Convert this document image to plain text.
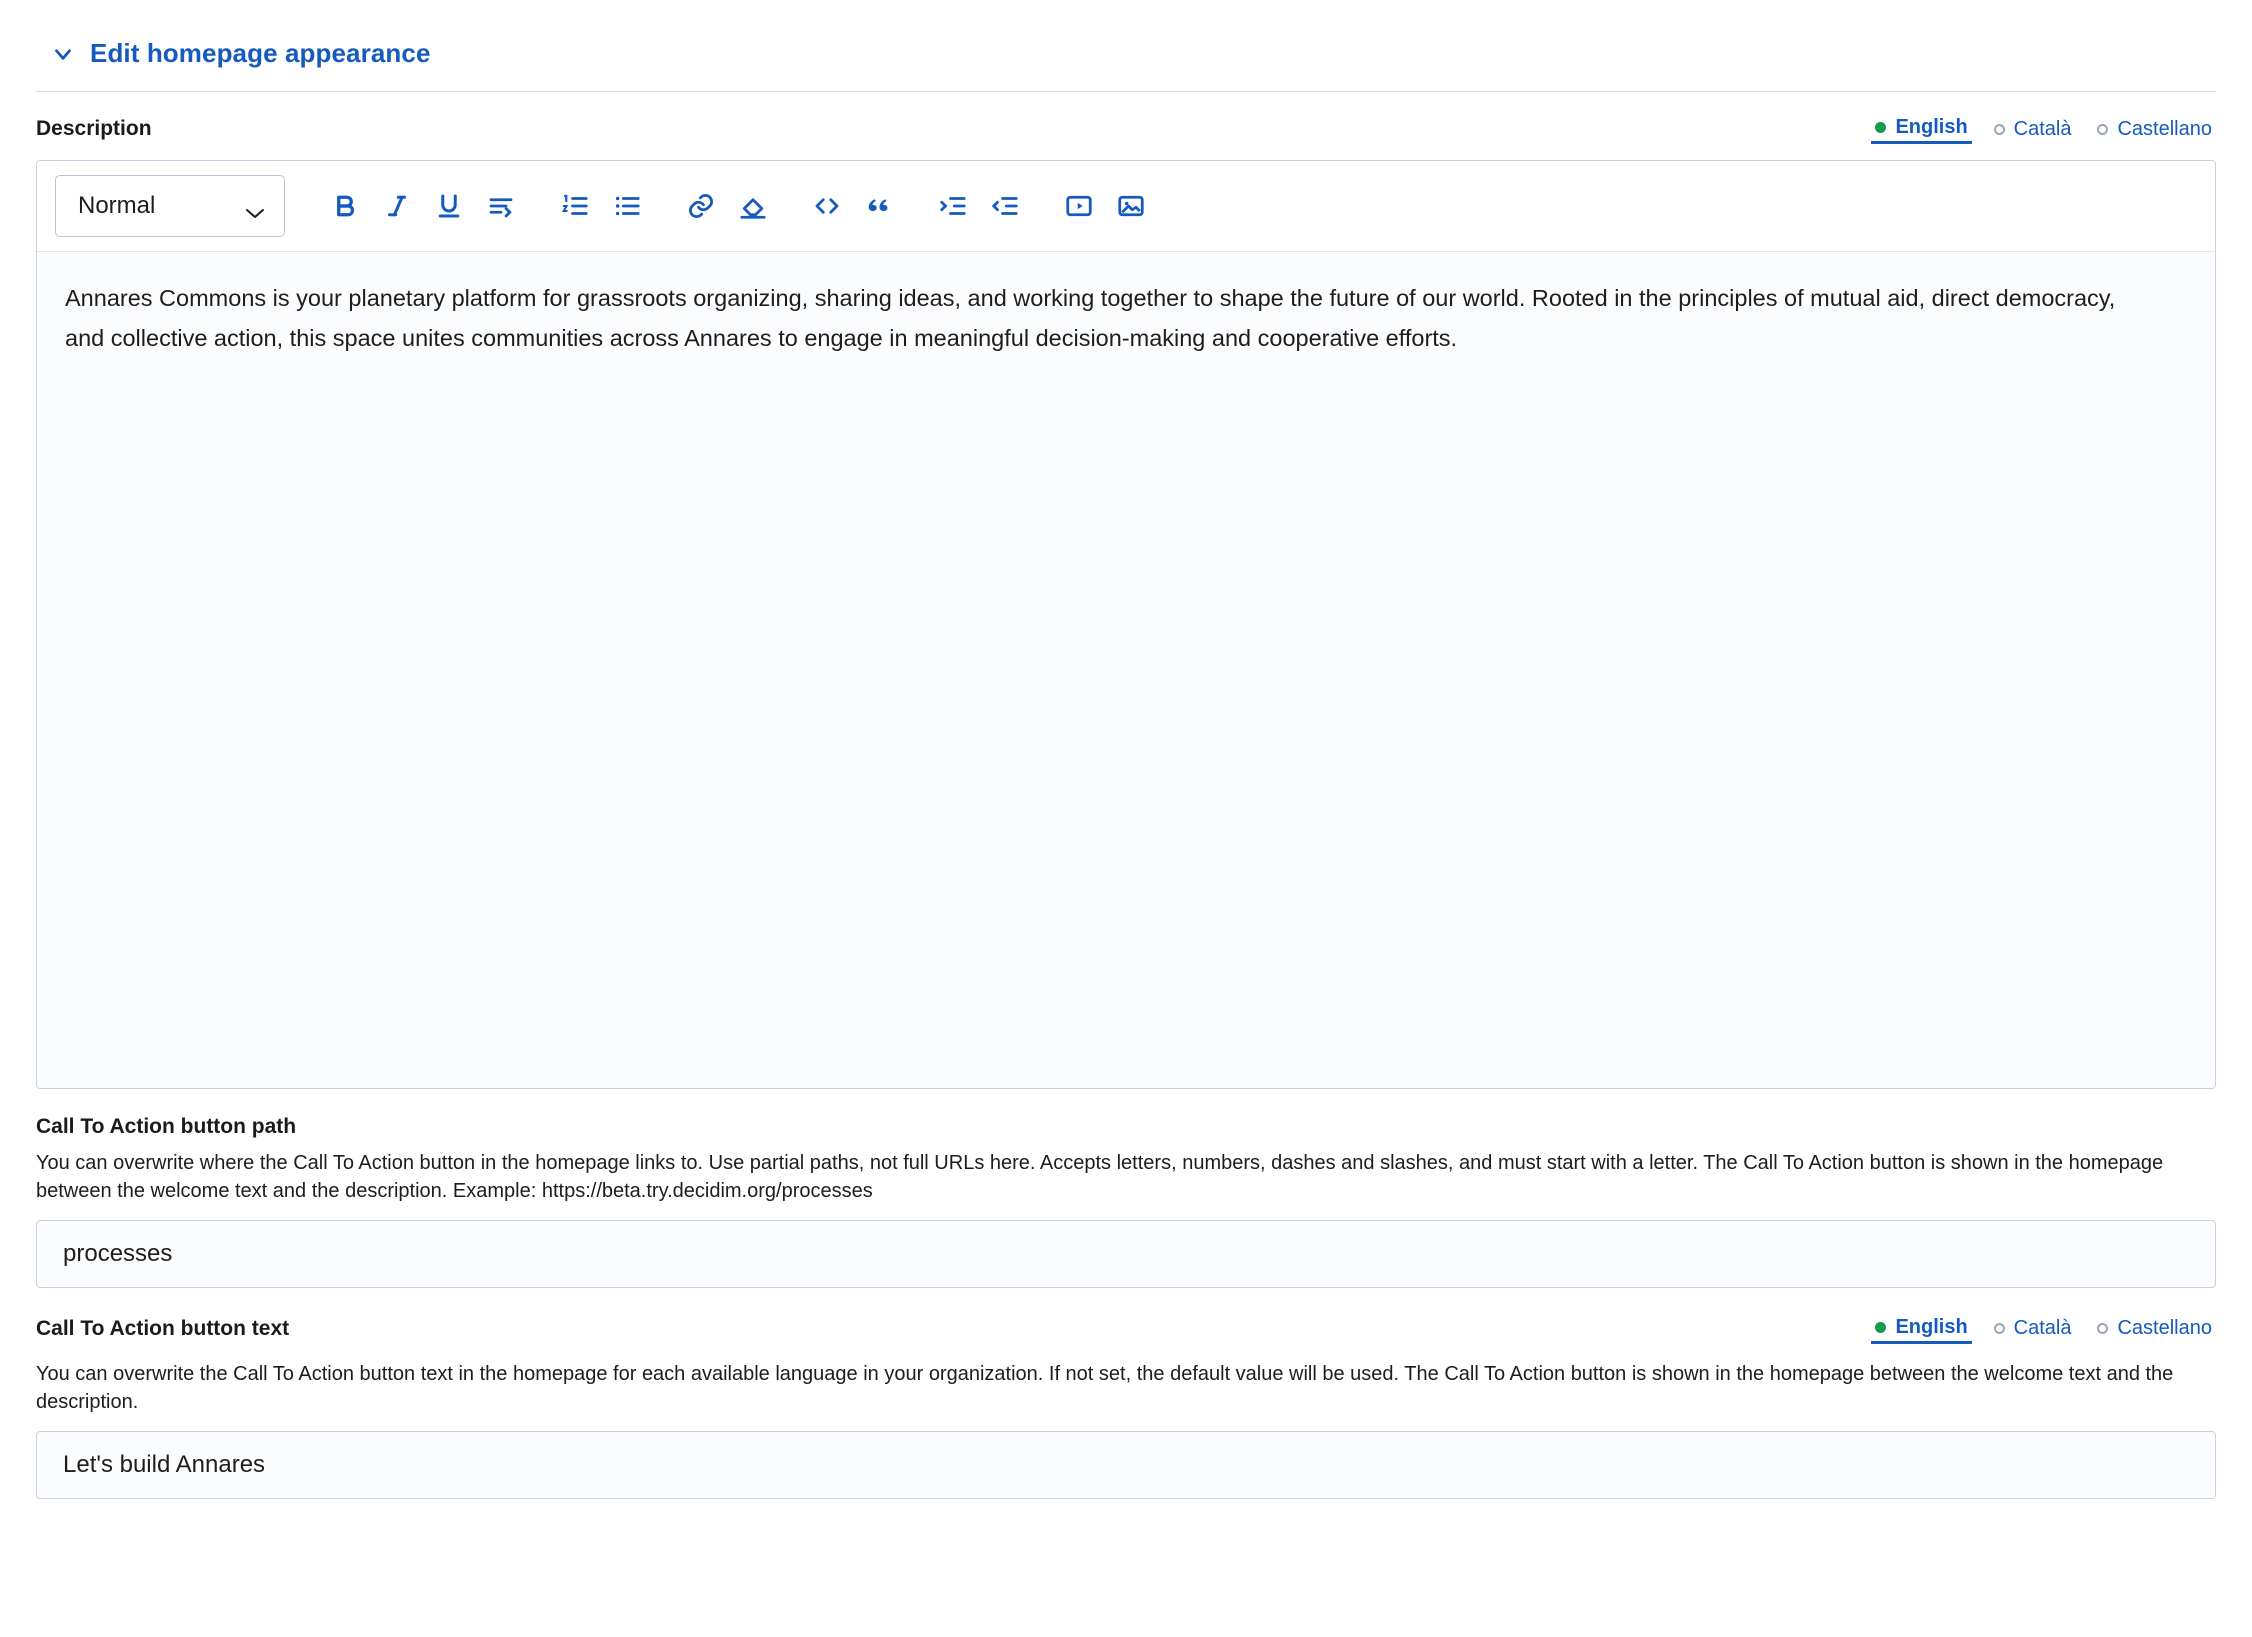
Edit homepage appearance
Description	English Català Castellano
Normal

Annares Commons is your planetary platform for grassroots organizing, sharing ideas, and working together to shape the future of our world. Rooted in the principles of mutual aid, direct democracy, and collective action, this space unites communities across Annares to engage in meaningful decision-making and cooperative efforts.

Call To Action button path
You can overwrite where the Call To Action button in the homepage links to. Use partial paths, not full URLs here. Accepts letters, numbers, dashes and slashes, and must start with a letter. The Call To Action button is shown in the homepage between the welcome text and the description. Example: https://beta.try.decidim.org/processes
processes
Call To Action button text	English Català Castellano
You can overwrite the Call To Action button text in the homepage for each available language in your organization. If not set, the default value will be used. The Call To Action button is shown in the homepage between the welcome text and the description.
Let's build Annares
